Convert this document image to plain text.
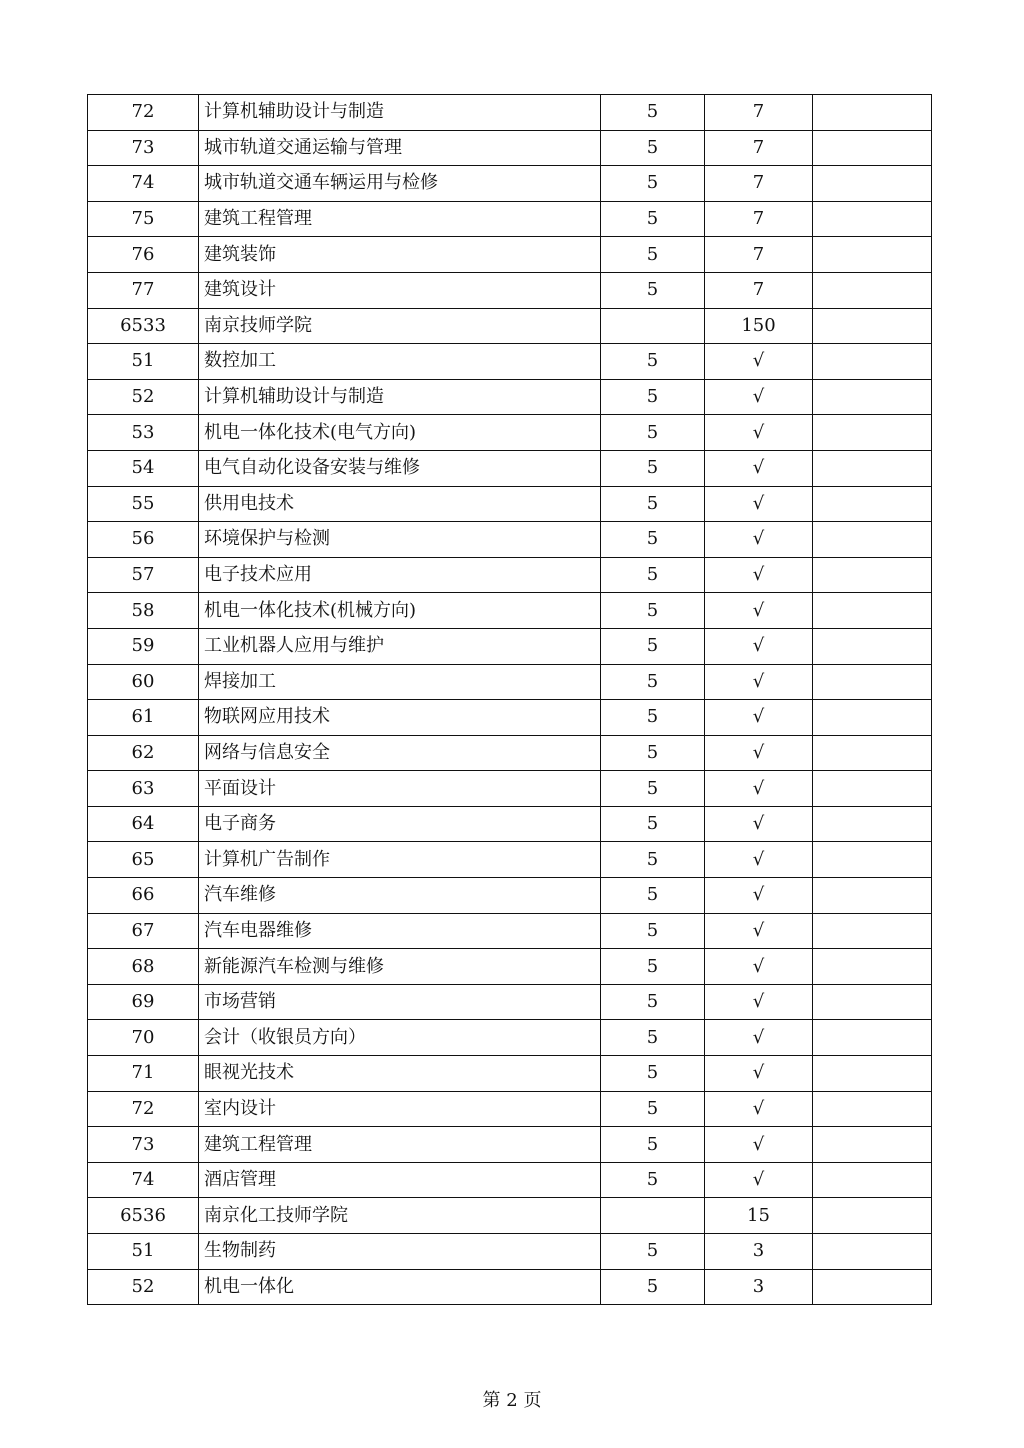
72	计算机辅助设计与制造	5	7	
73	城市轨道交通运输与管理	5	7	
74	城市轨道交通车辆运用与检修	5	7	
75	建筑工程管理	5	7	
76	建筑装饰	5	7	
77	建筑设计	5	7	
6533	南京技师学院		150	
51	数控加工	5	√	
52	计算机辅助设计与制造	5	√	
53	机电一体化技术(电气方向)	5	√	
54	电气自动化设备安装与维修	5	√	
55	供用电技术	5	√	
56	环境保护与检测	5	√	
57	电子技术应用	5	√	
58	机电一体化技术(机械方向)	5	√	
59	工业机器人应用与维护	5	√	
60	焊接加工	5	√	
61	物联网应用技术	5	√	
62	网络与信息安全	5	√	
63	平面设计	5	√	
64	电子商务	5	√	
65	计算机广告制作	5	√	
66	汽车维修	5	√	
67	汽车电器维修	5	√	
68	新能源汽车检测与维修	5	√	
69	市场营销	5	√	
70	会计（收银员方向）	5	√	
71	眼视光技术	5	√	
72	室内设计	5	√	
73	建筑工程管理	5	√	
74	酒店管理	5	√	
6536	南京化工技师学院		15	
51	生物制药	5	3	
52	机电一体化	5	3	
第 2 页
